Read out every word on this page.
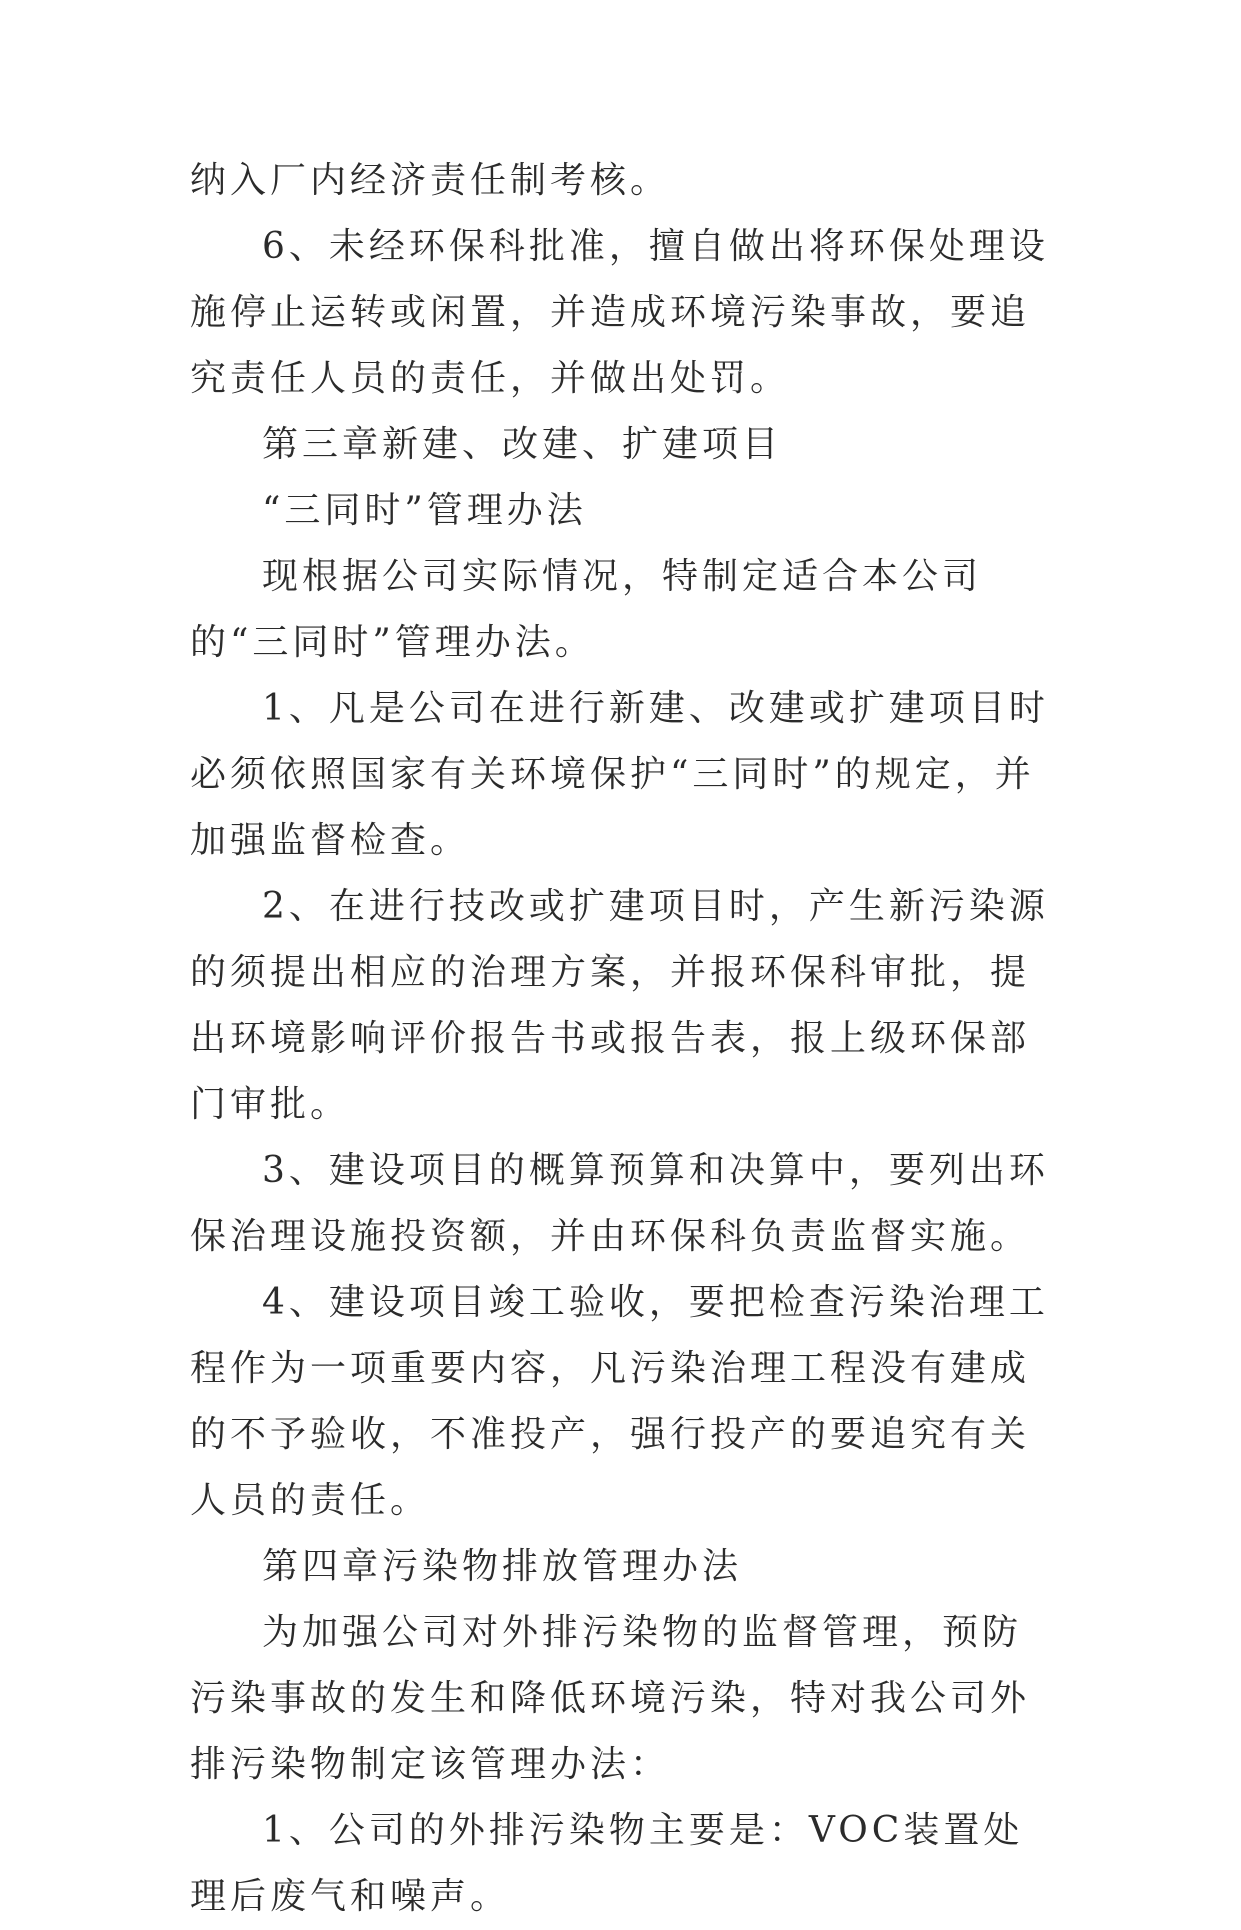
纳入厂内经济责任制考核。

6、未经环保科批准，擅自做出将环保处理设施停止运转或闲置，并造成环境污染事故，要追究责任人员的责任，并做出处罚。

第三章新建、改建、扩建项目

“三同时”管理办法

现根据公司实际情况，特制定适合本公司的“三同时”管理办法。

1、凡是公司在进行新建、改建或扩建项目时必须依照国家有关环境保护“三同时”的规定，并加强监督检查。

2、在进行技改或扩建项目时，产生新污染源的须提出相应的治理方案，并报环保科审批，提出环境影响评价报告书或报告表，报上级环保部门审批。

3、建设项目的概算预算和决算中，要列出环保治理设施投资额，并由环保科负责监督实施。

4、建设项目竣工验收，要把检查污染治理工程作为一项重要内容，凡污染治理工程没有建成的不予验收，不准投产，强行投产的要追究有关人员的责任。

第四章污染物排放管理办法

为加强公司对外排污染物的监督管理，预防污染事故的发生和降低环境污染，特对我公司外排污染物制定该管理办法：

1、公司的外排污染物主要是：VOC装置处理后废气和噪声。
